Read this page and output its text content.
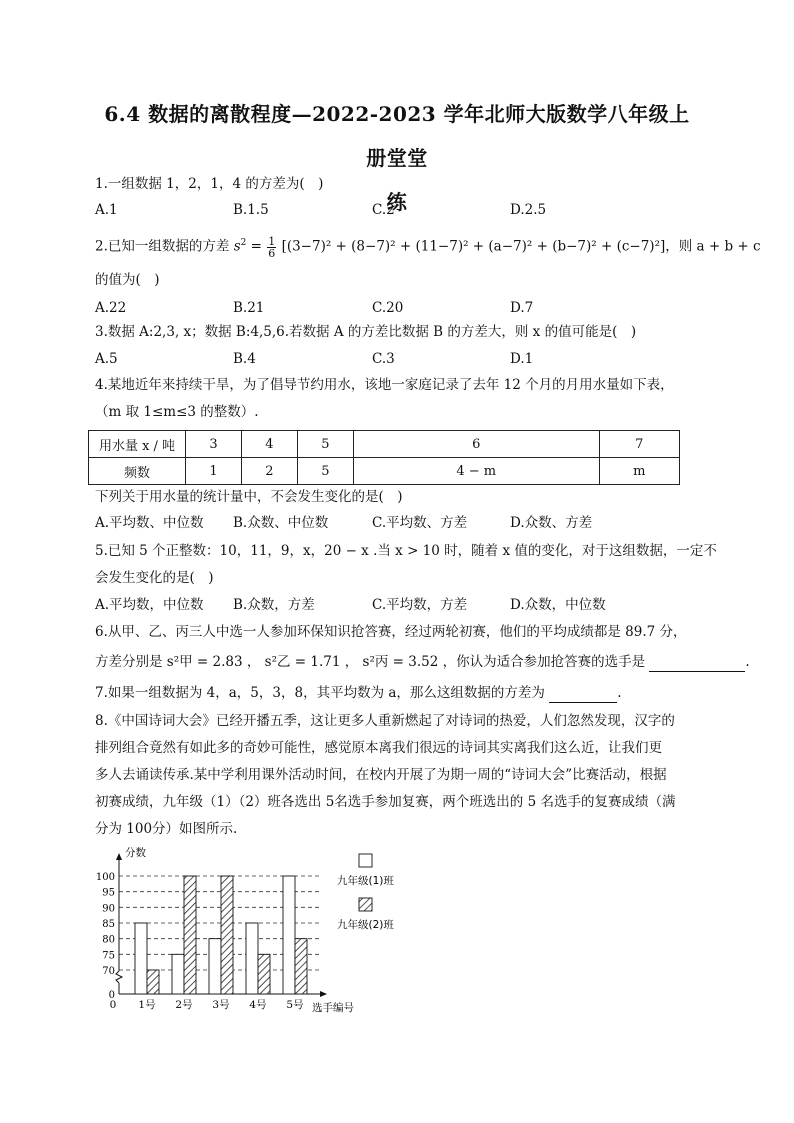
6.4 数据的离散程度—2022-2023 学年北师大版数学八年级上册堂堂
练
1.一组数据 1，2，1，4 的方差为(　)
A.1	B.1.5	C.2	D.2.5
2.已知一组数据的方差 $s^2 = \frac{1}{6} [(3-7)^2 + (8-7)^2 + (11-7)^2 + (a-7)^2 + (b-7)^2 + (c-7)^2]$，则 a + b + c
的值为(　)
A.22	B.21	C.20	D.7
3.数据 A:2,3, x；数据 B:4,5,6.若数据 A 的方差比数据 B 的方差大，则 x 的值可能是(　)
A.5	B.4	C.3	D.1
4.某地近年来持续干旱，为了倡导节约用水，该地一家庭记录了去年 12 个月的月用水量如下表，
（m 取 1≤m≤3 的整数）.
用水量 x / 吨	3	4	5	6	7
频数	1	2	5	4 − m	m
下列关于用水量的统计量中，不会发生变化的是(　)
A.平均数、中位数 B.众数、中位数	C.平均数、方差	D.众数、方差
5.已知 5 个正整数：10，11，9，x，20 − x .当 x > 10 时，随着 x 值的变化，对于这组数据，一定不
会发生变化的是(　)
A.平均数，中位数 B.众数，方差	C.平均数，方差	D.众数，中位数
6.从甲、乙、丙三人中选一人参加环保知识抢答赛，经过两轮初赛，他们的平均成绩都是 89.7 分，
方差分别是 s²甲 = 2.83 ， s²乙 = 1.71 ， s²丙 = 3.52 ，你认为适合参加抢答赛的选手是	.
7.如果一组数据为 4，a，5，3，8，其平均数为 a，那么这组数据的方差为	.
8.《中国诗词大会》已经开播五季，这让更多人重新燃起了对诗词的热爱，人们忽然发现，汉字的
排列组合竟然有如此多的奇妙可能性，感觉原本离我们很远的诗词其实离我们这么近，让我们更
多人去诵读传承.某中学利用课外活动时间，在校内开展了为期一周的“诗词大会”比赛活动，根据
初赛成绩，九年级（1）（2）班各选出 5名选手参加复赛，两个班选出的 5 名选手的复赛成绩（满
分为 100分）如图所示.
0
70
75
80
85
90
95
100
分数
选手编号
1号 2号 3号 4号 5号
0
九年级(1)班
九年级(2)班
